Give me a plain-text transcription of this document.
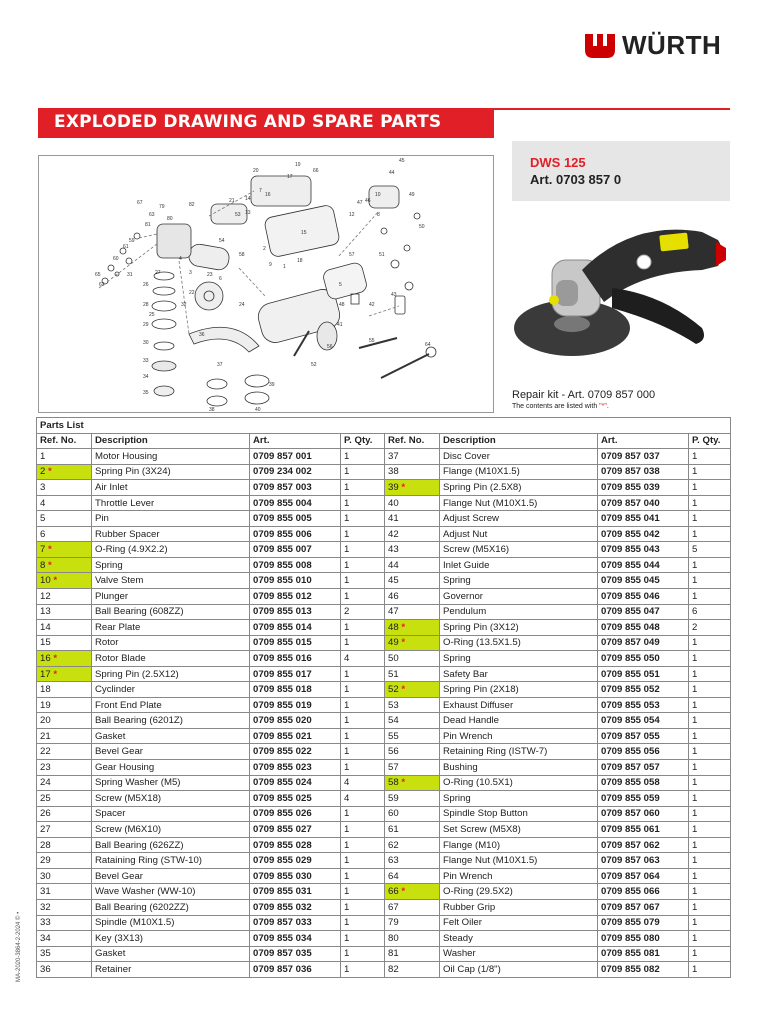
WÜRTH
EXPLODED DRAWING AND SPARE PARTS
65
62
21
20
54
19
66
7
53
14
13
16
17
58
18
15
2
48
5
12
47 46
10
8
82
55
64
52
26
28
29
30
33
34
35
36
37
38
39
40
41
42
43
44
45
49
50
51
59
60
61
63
67
79
80
81
3
4
6
22
23
24
25
27
31
32
9 1
56
57
DWS 125
Art. 0703 857 0
Repair kit - Art. 0709 857 000
The contents are listed with "*".
Parts List							
Ref. No.	Description	Art.	P. Qty.	Ref. No.	Description	Art.	P. Qty.
1	Motor Housing	0709 857 001	1	37	Disc Cover	0709 857 037	1
2 *	Spring Pin (3X24)	0709 234 002	1	38	Flange (M10X1.5)	0709 857 038	1
3	Air Inlet	0709 857 003	1	39 *	Spring Pin (2.5X8)	0709 855 039	1
4	Throttle Lever	0709 855 004	1	40	Flange Nut (M10X1.5)	0709 857 040	1
5	Pin	0709 855 005	1	41	Adjust Screw	0709 855 041	1
6	Rubber Spacer	0709 855 006	1	42	Adjust Nut	0709 855 042	1
7 *	O-Ring (4.9X2.2)	0709 855 007	1	43	Screw (M5X16)	0709 855 043	5
8 *	Spring	0709 855 008	1	44	Inlet Guide	0709 855 044	1
10 *	Valve Stem	0709 855 010	1	45	Spring	0709 855 045	1
12	Plunger	0709 855 012	1	46	Governor	0709 855 046	1
13	Ball Bearing (608ZZ)	0709 855 013	2	47	Pendulum	0709 855 047	6
14	Rear Plate	0709 855 014	1	48 *	Spring Pin (3X12)	0709 855 048	2
15	Rotor	0709 855 015	1	49 *	O-Ring (13.5X1.5)	0709 857 049	1
16 *	Rotor Blade	0709 855 016	4	50	Spring	0709 855 050	1
17 *	Spring Pin (2.5X12)	0709 855 017	1	51	Safety Bar	0709 855 051	1
18	Cyclinder	0709 855 018	1	52 *	Spring Pin (2X18)	0709 855 052	1
19	Front End Plate	0709 855 019	1	53	Exhaust Diffuser	0709 855 053	1
20	Ball Bearing (6201Z)	0709 855 020	1	54	Dead Handle	0709 855 054	1
21	Gasket	0709 855 021	1	55	Pin Wrench	0709 857 055	1
22	Bevel Gear	0709 855 022	1	56	Retaining Ring (ISTW-7)	0709 855 056	1
23	Gear Housing	0709 855 023	1	57	Bushing	0709 857 057	1
24	Spring Washer (M5)	0709 855 024	4	58 *	O-Ring (10.5X1)	0709 855 058	1
25	Screw (M5X18)	0709 855 025	4	59	Spring	0709 855 059	1
26	Spacer	0709 855 026	1	60	Spindle Stop Button	0709 857 060	1
27	Screw (M6X10)	0709 855 027	1	61	Set Screw (M5X8)	0709 855 061	1
28	Ball Bearing (626ZZ)	0709 855 028	1	62	Flange (M10)	0709 857 062	1
29	Rataining Ring (STW-10)	0709 855 029	1	63	Flange Nut (M10X1.5)	0709 857 063	1
30	Bevel Gear	0709 855 030	1	64	Pin Wrench	0709 857 064	1
31	Wave Washer (WW-10)	0709 855 031	1	66 *	O-Ring (29.5X2)	0709 855 066	1
32	Ball Bearing (6202ZZ)	0709 855 032	1	67	Rubber Grip	0709 857 067	1
33	Spindle (M10X1.5)	0709 857 033	1	79	Felt Oiler	0709 855 079	1
34	Key (3X13)	0709 855 034	1	80	Steady	0709 855 080	1
35	Gasket	0709 857 035	1	81	Washer	0709 855 081	1
36	Retainer	0709 857 036	1	82	Oil Cap (1/8")	0709 855 082	1
MA-2020-3864-2-2024 © •
